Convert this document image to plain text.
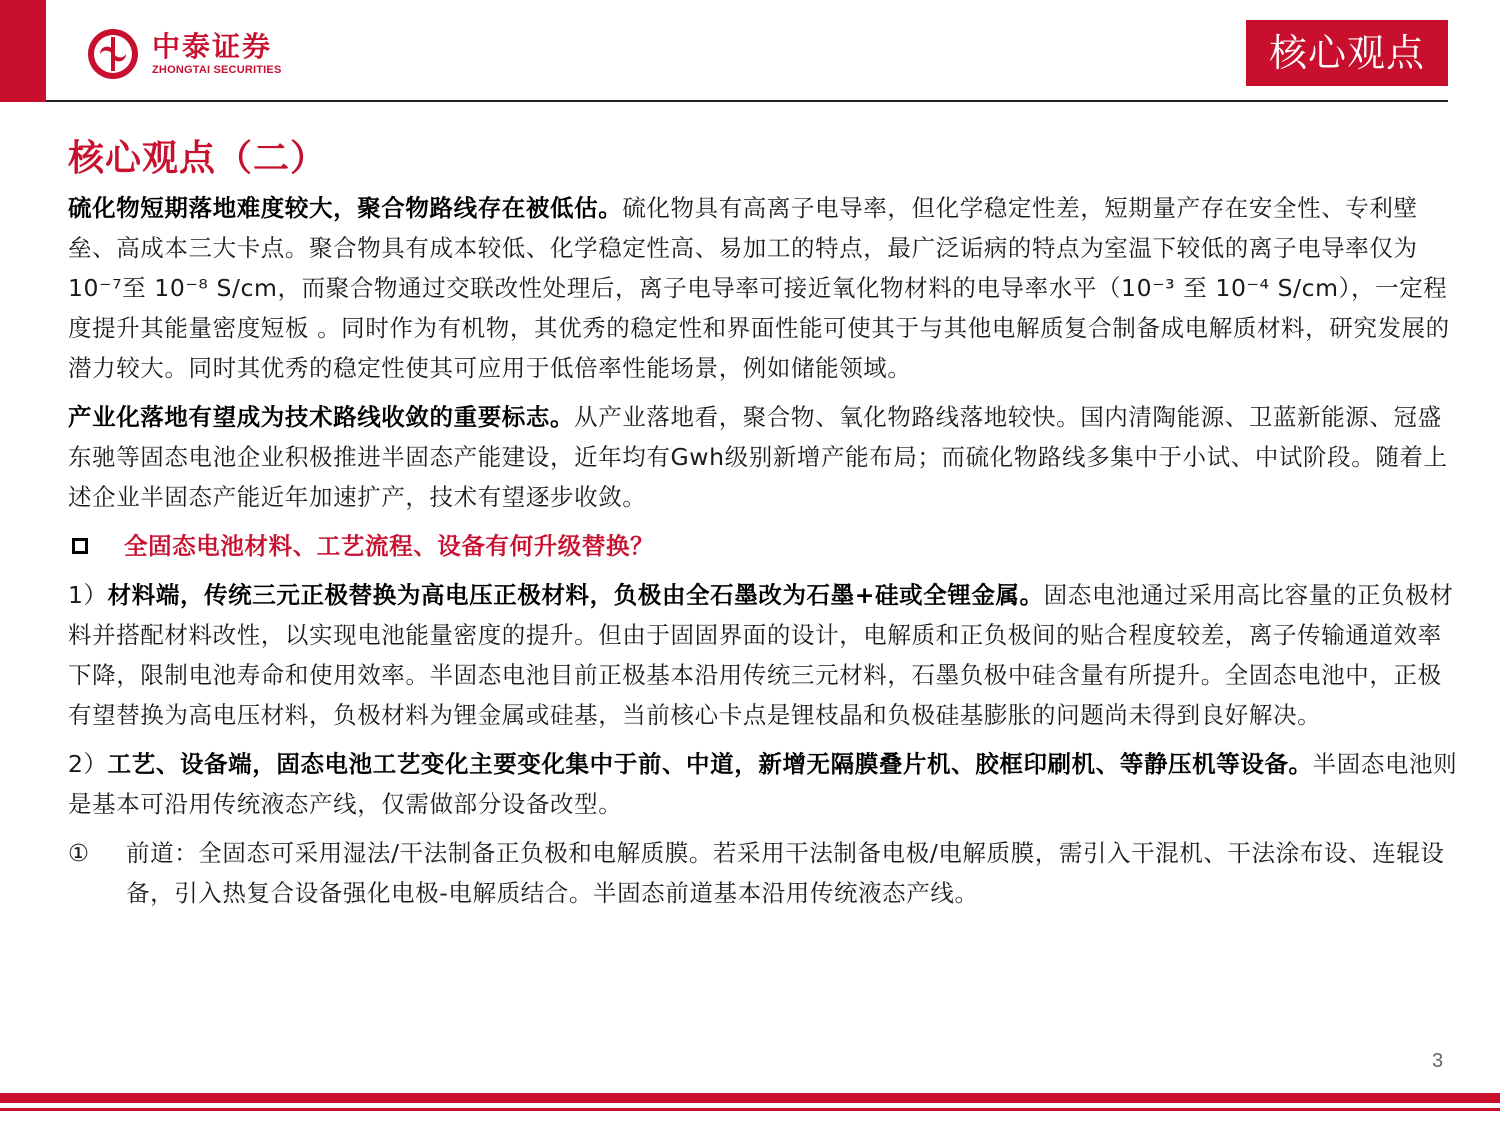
中泰证券
ZHONGTAI SECURITIES	核心观点
核心观点（二）

硫化物短期落地难度较大，聚合物路线存在被低估。硫化物具有高离子电导率，但化学稳定性差，短期量产存在安全性、专利壁垒、高成本三大卡点。聚合物具有成本较低、化学稳定性高、易加工的特点，最广泛诟病的特点为室温下较低的离子电导率仅为10⁻⁷至 10⁻⁸ S/cm，而聚合物通过交联改性处理后，离子电导率可接近氧化物材料的电导率水平（10⁻³ 至 10⁻⁴ S/cm），一定程度提升其能量密度短板 。同时作为有机物，其优秀的稳定性和界面性能可使其于与其他电解质复合制备成电解质材料，研究发展的潜力较大。同时其优秀的稳定性使其可应用于低倍率性能场景，例如储能领域。

产业化落地有望成为技术路线收敛的重要标志。从产业落地看，聚合物、氧化物路线落地较快。国内清陶能源、卫蓝新能源、冠盛东驰等固态电池企业积极推进半固态产能建设，近年均有Gwh级别新增产能布局；而硫化物路线多集中于小试、中试阶段。随着上述企业半固态产能近年加速扩产，技术有望逐步收敛。

全固态电池材料、工艺流程、设备有何升级替换？

1）材料端，传统三元正极替换为高电压正极材料，负极由全石墨改为石墨+硅或全锂金属。固态电池通过采用高比容量的正负极材料并搭配材料改性，以实现电池能量密度的提升。但由于固固界面的设计，电解质和正负极间的贴合程度较差，离子传输通道效率下降，限制电池寿命和使用效率。半固态电池目前正极基本沿用传统三元材料，石墨负极中硅含量有所提升。全固态电池中，正极有望替换为高电压材料，负极材料为锂金属或硅基，当前核心卡点是锂枝晶和负极硅基膨胀的问题尚未得到良好解决。

2）工艺、设备端，固态电池工艺变化主要变化集中于前、中道，新增无隔膜叠片机、胶框印刷机、等静压机等设备。半固态电池则是基本可沿用传统液态产线，仅需做部分设备改型。

①	前道：全固态可采用湿法/干法制备正负极和电解质膜。若采用干法制备电极/电解质膜，需引入干混机、干法涂布设、连辊设备，引入热复合设备强化电极-电解质结合。半固态前道基本沿用传统液态产线。
3
